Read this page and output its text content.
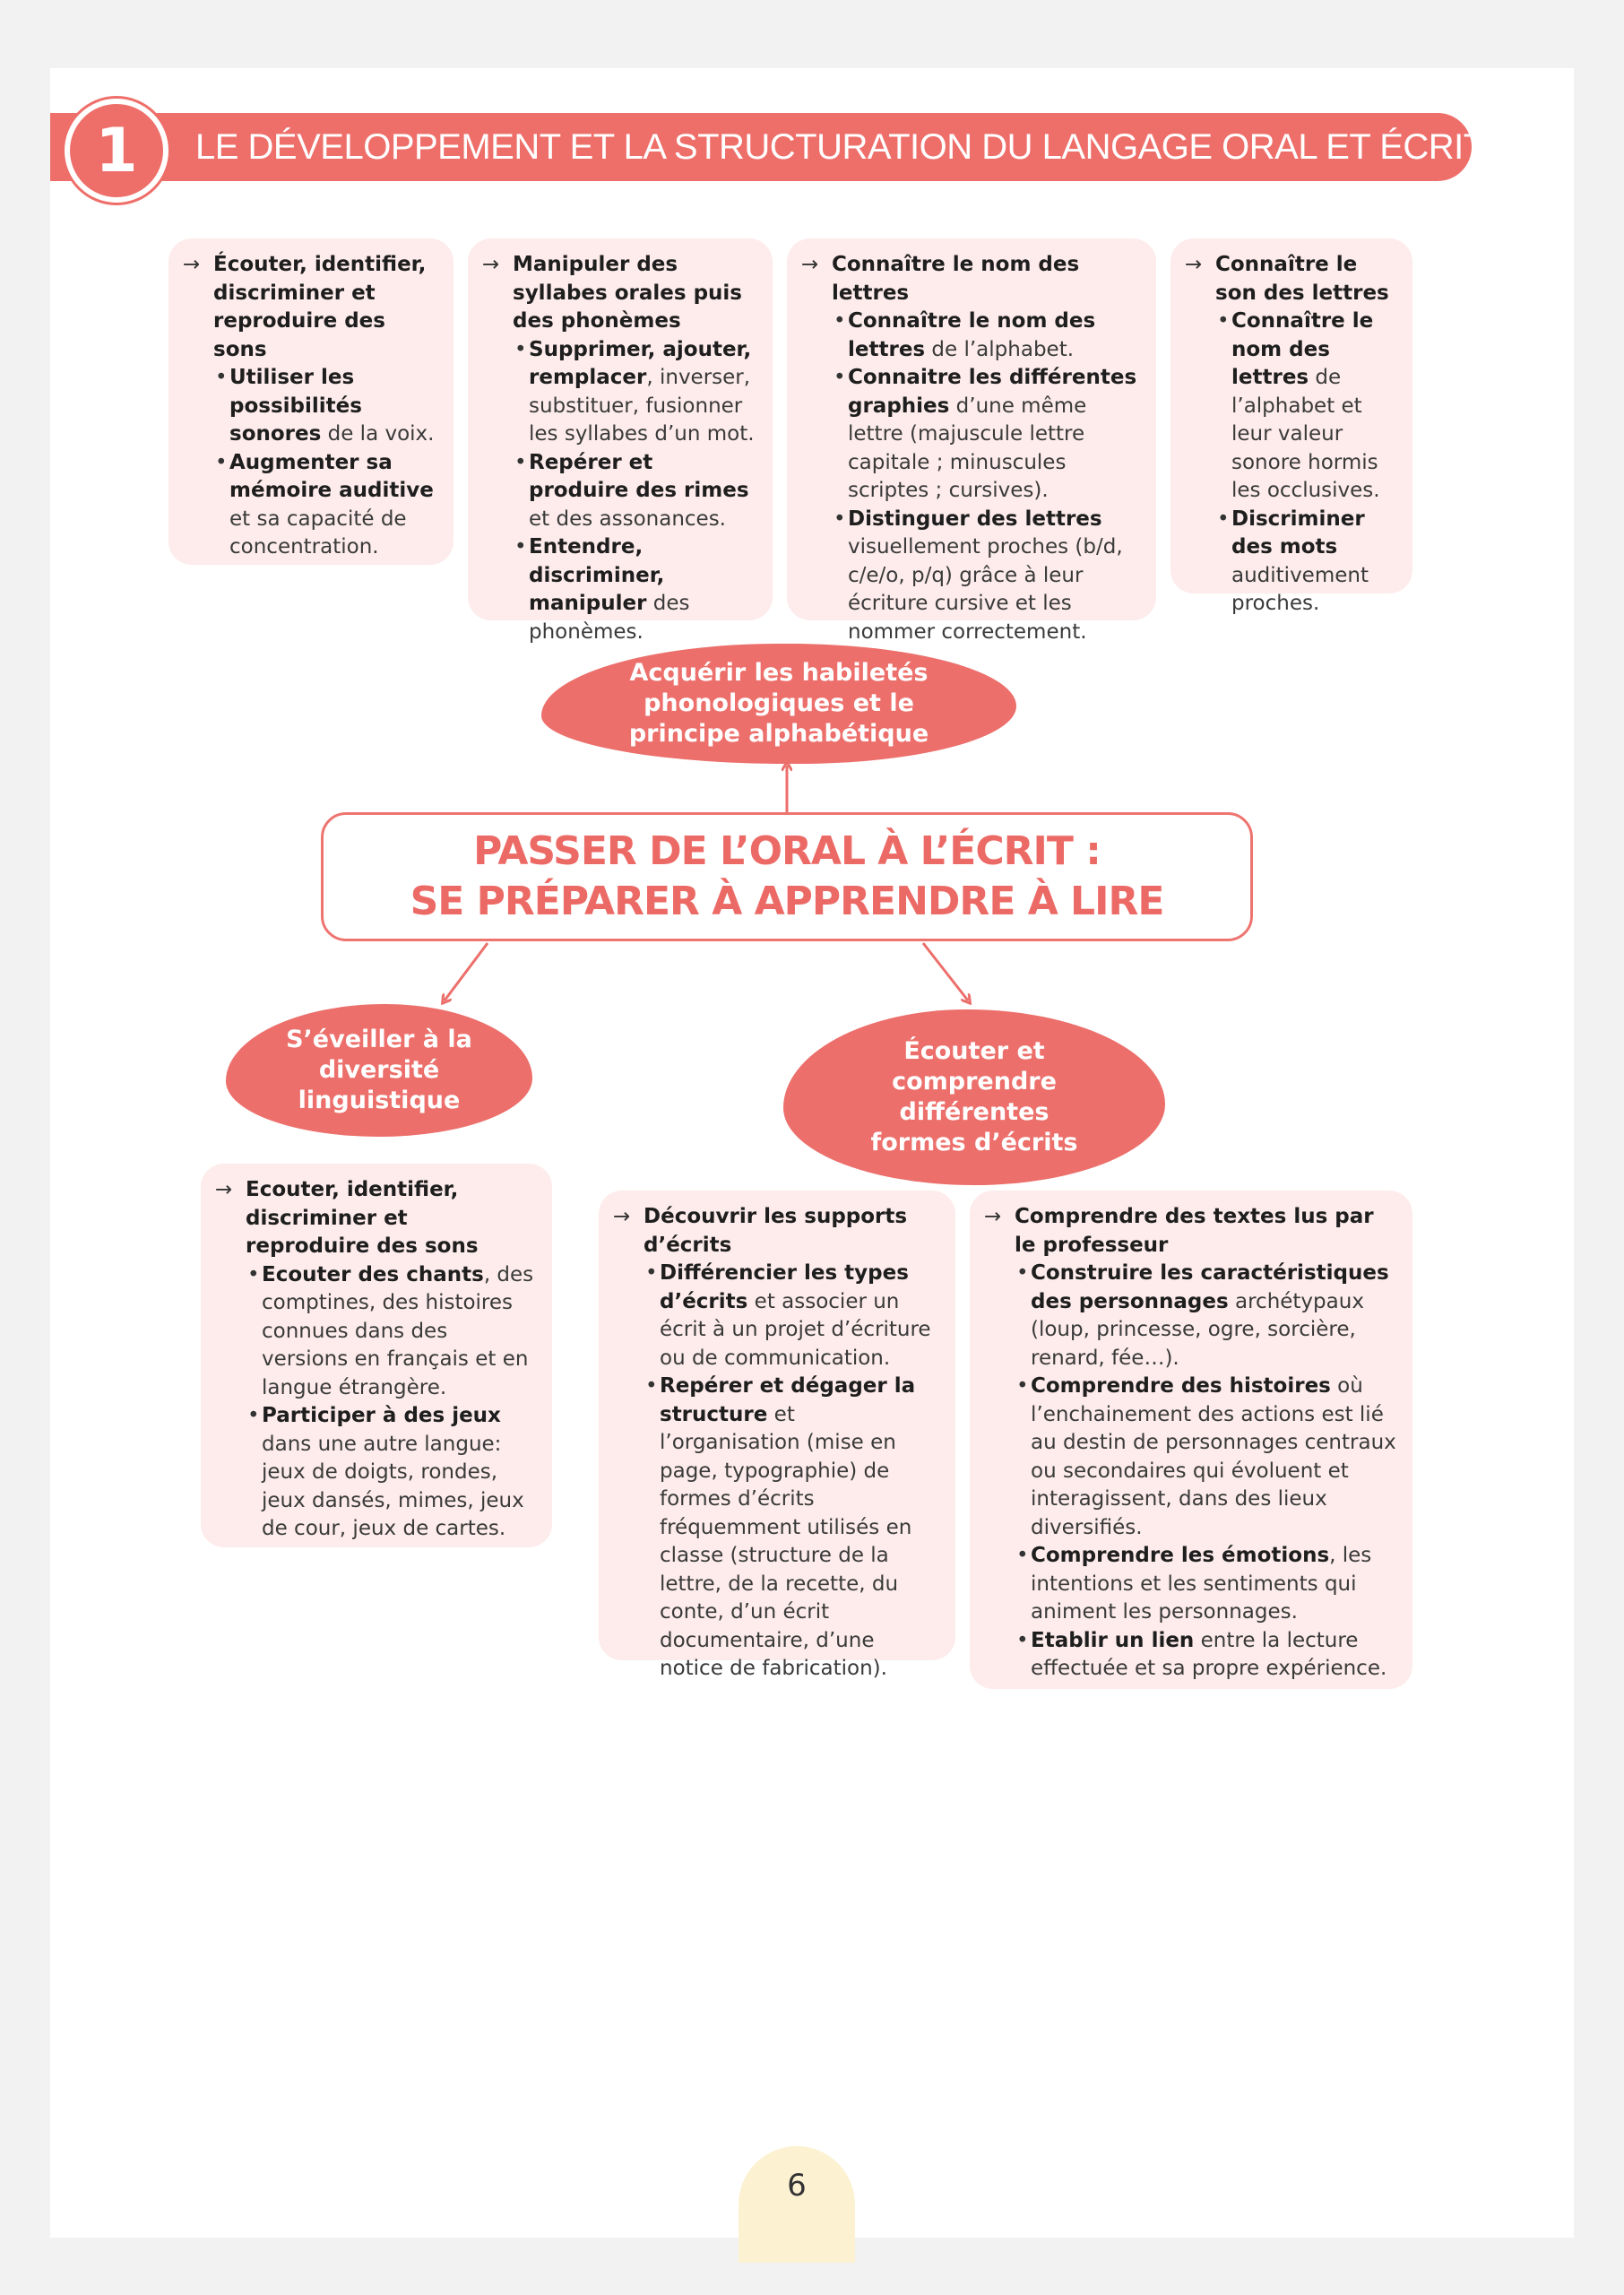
1	LE DÉVELOPPEMENT ET LA STRUCTURATION DU LANGAGE ORAL ET ÉCRIT
→ Écouter, identifier, discriminer et reproduire des sons
• Utiliser les possibilités sonores de la voix.
• Augmenter sa mémoire auditive et sa capacité de concentration.
→ Manipuler des syllabes orales puis des phonèmes
• Supprimer, ajouter, remplacer, inverser, substituer, fusionner les syllabes d’un mot.
• Repérer et produire des rimes et des assonances.
• Entendre, discriminer, manipuler des phonèmes.
→ Connaître le nom des lettres
• Connaître le nom des lettres de l’alphabet.
• Connaitre les différentes graphies d’une même lettre (majuscule lettre capitale ; minuscules scriptes ; cursives).
• Distinguer des lettres visuellement proches (b/d, c/e/o, p/q) grâce à leur écriture cursive et les nommer correctement.
→ Connaître le son des lettres
• Connaître le nom des lettres de l’alphabet et leur valeur sonore hormis les occlusives.
• Discriminer des mots auditivement proches.
Acquérir les habiletés phonologiques et le principe alphabétique
PASSER DE L’ORAL À L’ÉCRIT :
SE PRÉPARER À APPRENDRE À LIRE
S’éveiller à la diversité linguistique
Écouter et comprendre différentes formes d’écrits
→ Ecouter, identifier, discriminer et reproduire des sons
• Ecouter des chants, des comptines, des histoires connues dans des versions en français et en langue étrangère.
• Participer à des jeux dans une autre langue: jeux de doigts, rondes, jeux dansés, mimes, jeux de cour, jeux de cartes.
→ Découvrir les supports d’écrits
• Différencier les types d’écrits et associer un écrit à un projet d’écriture ou de communication.
• Repérer et dégager la structure et l’organisation (mise en page, typographie) de formes d’écrits fréquemment utilisés en classe (structure de la lettre, de la recette, du conte, d’un écrit documentaire, d’une notice de fabrication).
→ Comprendre des textes lus par le professeur
• Construire les caractéristiques des personnages archétypaux (loup, princesse, ogre, sorcière, renard, fée…).
• Comprendre des histoires où l’enchainement des actions est lié au destin de personnages centraux ou secondaires qui évoluent et interagissent, dans des lieux diversifiés.
• Comprendre les émotions, les intentions et les sentiments qui animent les personnages.
• Etablir un lien entre la lecture effectuée et sa propre expérience.
6
